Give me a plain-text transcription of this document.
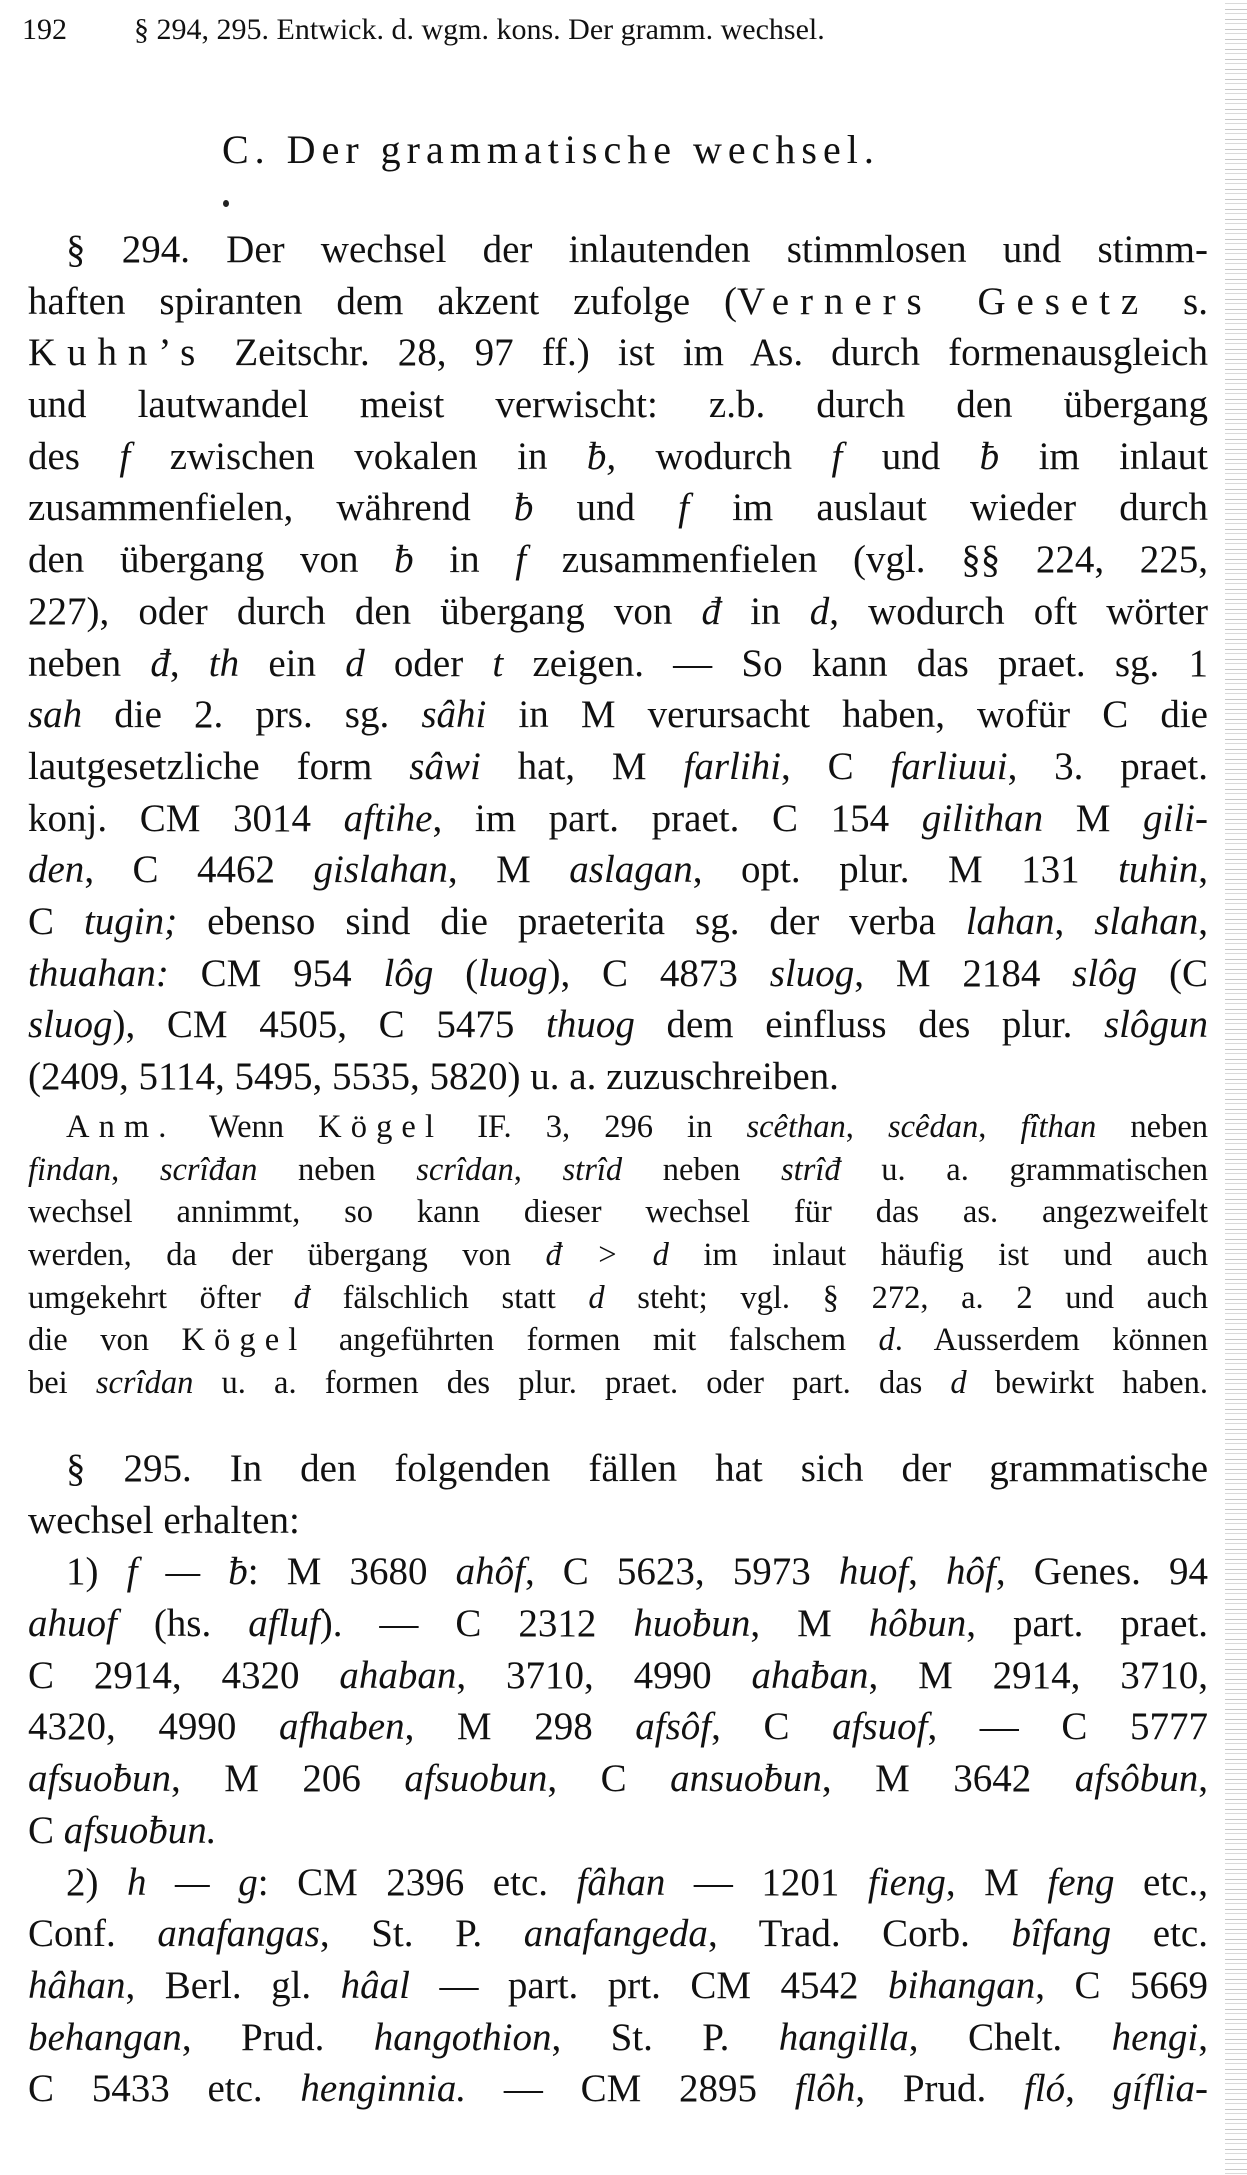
192 § 294, 295. Entwick. d. wgm. kons. Der gramm. wechsel.
C. Der grammatische wechsel.
§ 294. Der wechsel der inlautenden stimmlosen und stimm-
haften spiranten dem akzent zufolge (Verners Gesetz s.
Kuhn’s Zeitschr. 28, 97 ff.) ist im As. durch formenausgleich
und lautwandel meist verwischt: z.b. durch den übergang
des f zwischen vokalen in ƀ, wodurch f und ƀ im inlaut
zusammenfielen, während ƀ und f im auslaut wieder durch
den übergang von ƀ in f zusammenfielen (vgl. §§ 224, 225,
227), oder durch den übergang von đ in d, wodurch oft wörter
neben đ, th ein d oder t zeigen. — So kann das praet. sg. 1
sah die 2. prs. sg. sâhi in M verursacht haben, wofür C die
lautgesetzliche form sâwi hat, M farlihi, C farliuui, 3. praet.
konj. CM 3014 aftihe, im part. praet. C 154 gilithan M gili-
den, C 4462 gislahan, M aslagan, opt. plur. M 131 tuhin,
C tugin; ebenso sind die praeterita sg. der verba lahan, slahan,
thuahan: CM 954 lôg (luog), C 4873 sluog, M 2184 slôg (C
sluog), CM 4505, C 5475 thuog dem einfluss des plur. slôgun
(2409, 5114, 5495, 5535, 5820) u. a. zuzuschreiben.
Anm. Wenn Kögel IF. 3, 296 in scêthan, scêdan, fîthan neben
findan, scrîđan neben scrîdan, strîd neben strîđ u. a. grammatischen
wechsel annimmt, so kann dieser wechsel für das as. angezweifelt
werden, da der übergang von đ > d im inlaut häufig ist und auch
umgekehrt öfter đ fälschlich statt d steht; vgl. § 272, a. 2 und auch
die von Kögel angeführten formen mit falschem d. Ausserdem können
bei scrîdan u. a. formen des plur. praet. oder part. das d bewirkt haben.
§ 295. In den folgenden fällen hat sich der grammatische
wechsel erhalten:
1) f — ƀ: M 3680 ahôf, C 5623, 5973 huof, hôf, Genes. 94
ahuof (hs. afluf). — C 2312 huoƀun, M hôbun, part. praet.
C 2914, 4320 ahaban, 3710, 4990 ahaƀan, M 2914, 3710,
4320, 4990 afhaben, M 298 afsôf, C afsuof, — C 5777
afsuoƀun, M 206 afsuobun, C ansuoƀun, M 3642 afsôbun,
C afsuoƀun.
2) h — g: CM 2396 etc. fâhan — 1201 fieng, M feng etc.,
Conf. anafangas, St. P. anafangeda, Trad. Corb. bîfang etc.
hâhan, Berl. gl. hâal — part. prt. CM 4542 bihangan, C 5669
behangan, Prud. hangothion, St. P. hangilla, Chelt. hengi,
C 5433 etc. henginnia. — CM 2895 flôh, Prud. fló, gíflia-
